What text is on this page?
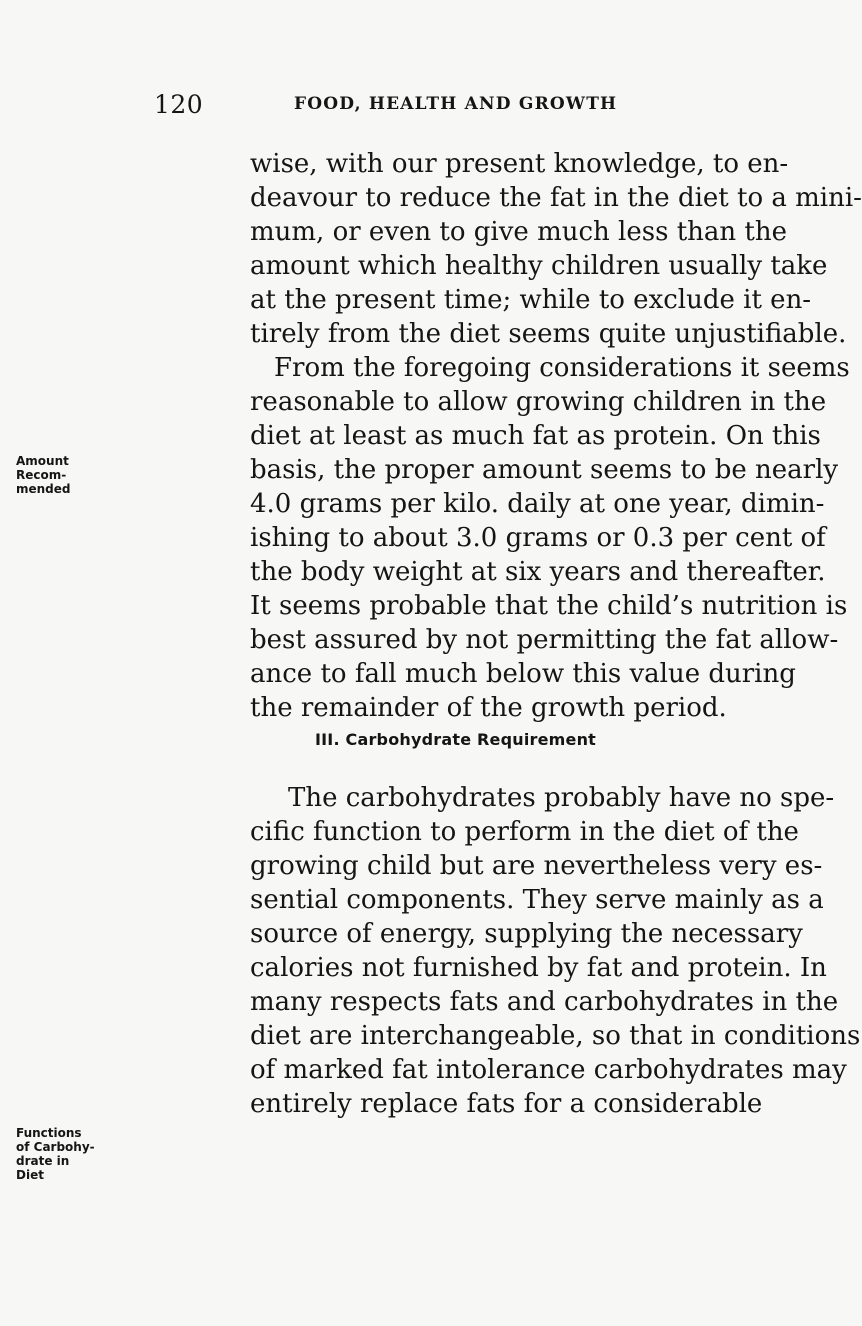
120	FOOD, HEALTH AND GROWTH
Amount
Recom-
mended
Functions
of Carbohy-
drate in
Diet
wise, with our present knowledge, to en-
deavour to reduce the fat in the diet to a mini-
mum, or even to give much less than the
amount which healthy children usually take
at the present time; while to exclude it en-
tirely from the diet seems quite unjustifiable.
From the foregoing considerations it seems
reasonable to allow growing children in the
diet at least as much fat as protein. On this
basis, the proper amount seems to be nearly
4.0 grams per kilo. daily at one year, dimin-
ishing to about 3.0 grams or 0.3 per cent of
the body weight at six years and thereafter.
It seems probable that the child’s nutrition is
best assured by not permitting the fat allow-
ance to fall much below this value during
the remainder of the growth period.
III. Carbohydrate Requirement
The carbohydrates probably have no spe-
cific function to perform in the diet of the
growing child but are nevertheless very es-
sential components. They serve mainly as a
source of energy, supplying the necessary
calories not furnished by fat and protein. In
many respects fats and carbohydrates in the
diet are interchangeable, so that in conditions
of marked fat intolerance carbohydrates may
entirely replace fats for a considerable
